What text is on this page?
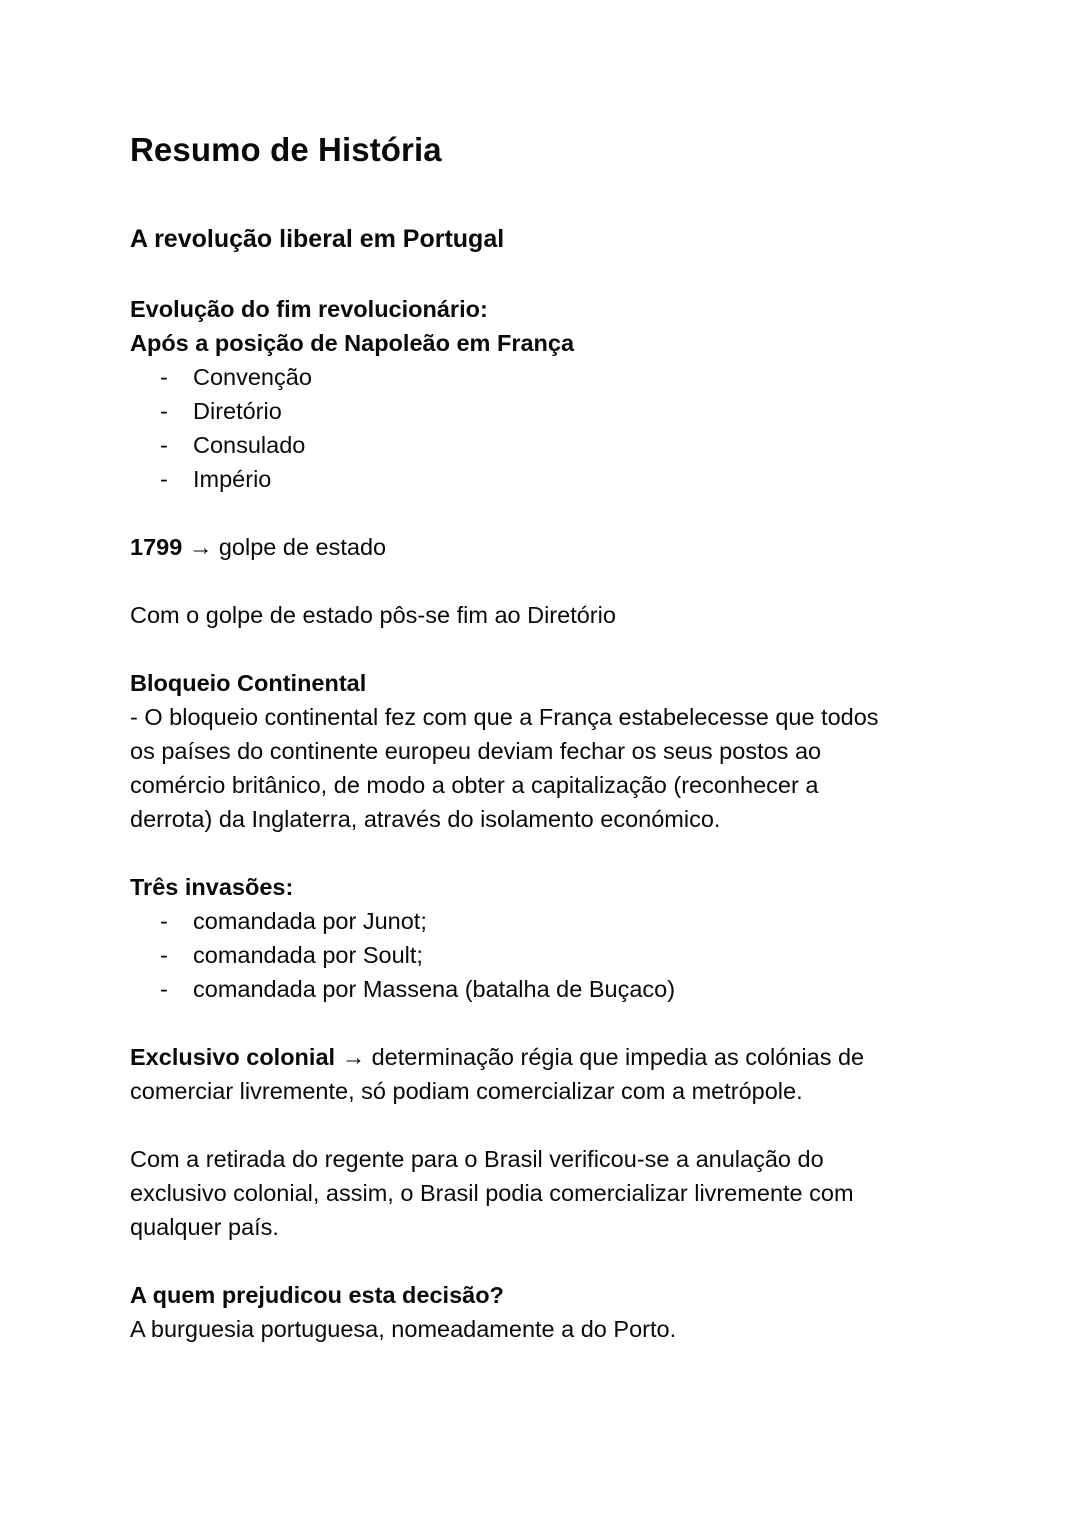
Resumo de História
A revolução liberal em Portugal

Evolução do fim revolucionário:

Após a posição de Napoleão em França

- Convenção
- Diretório
- Consulado
- Império

1799 → golpe de estado

Com o golpe de estado pôs-se fim ao Diretório

Bloqueio Continental

- O bloqueio continental fez com que a França estabelecesse que todos

os países do continente europeu deviam fechar os seus postos ao

comércio britânico, de modo a obter a capitalização (reconhecer a

derrota) da Inglaterra, através do isolamento económico.

Três invasões:

- comandada por Junot;
- comandada por Soult;
- comandada por Massena (batalha de Buçaco)

Exclusivo colonial → determinação régia que impedia as colónias de

comerciar livremente, só podiam comercializar com a metrópole.

Com a retirada do regente para o Brasil verificou-se a anulação do

exclusivo colonial, assim, o Brasil podia comercializar livremente com

qualquer país.

A quem prejudicou esta decisão?

A burguesia portuguesa, nomeadamente a do Porto.
